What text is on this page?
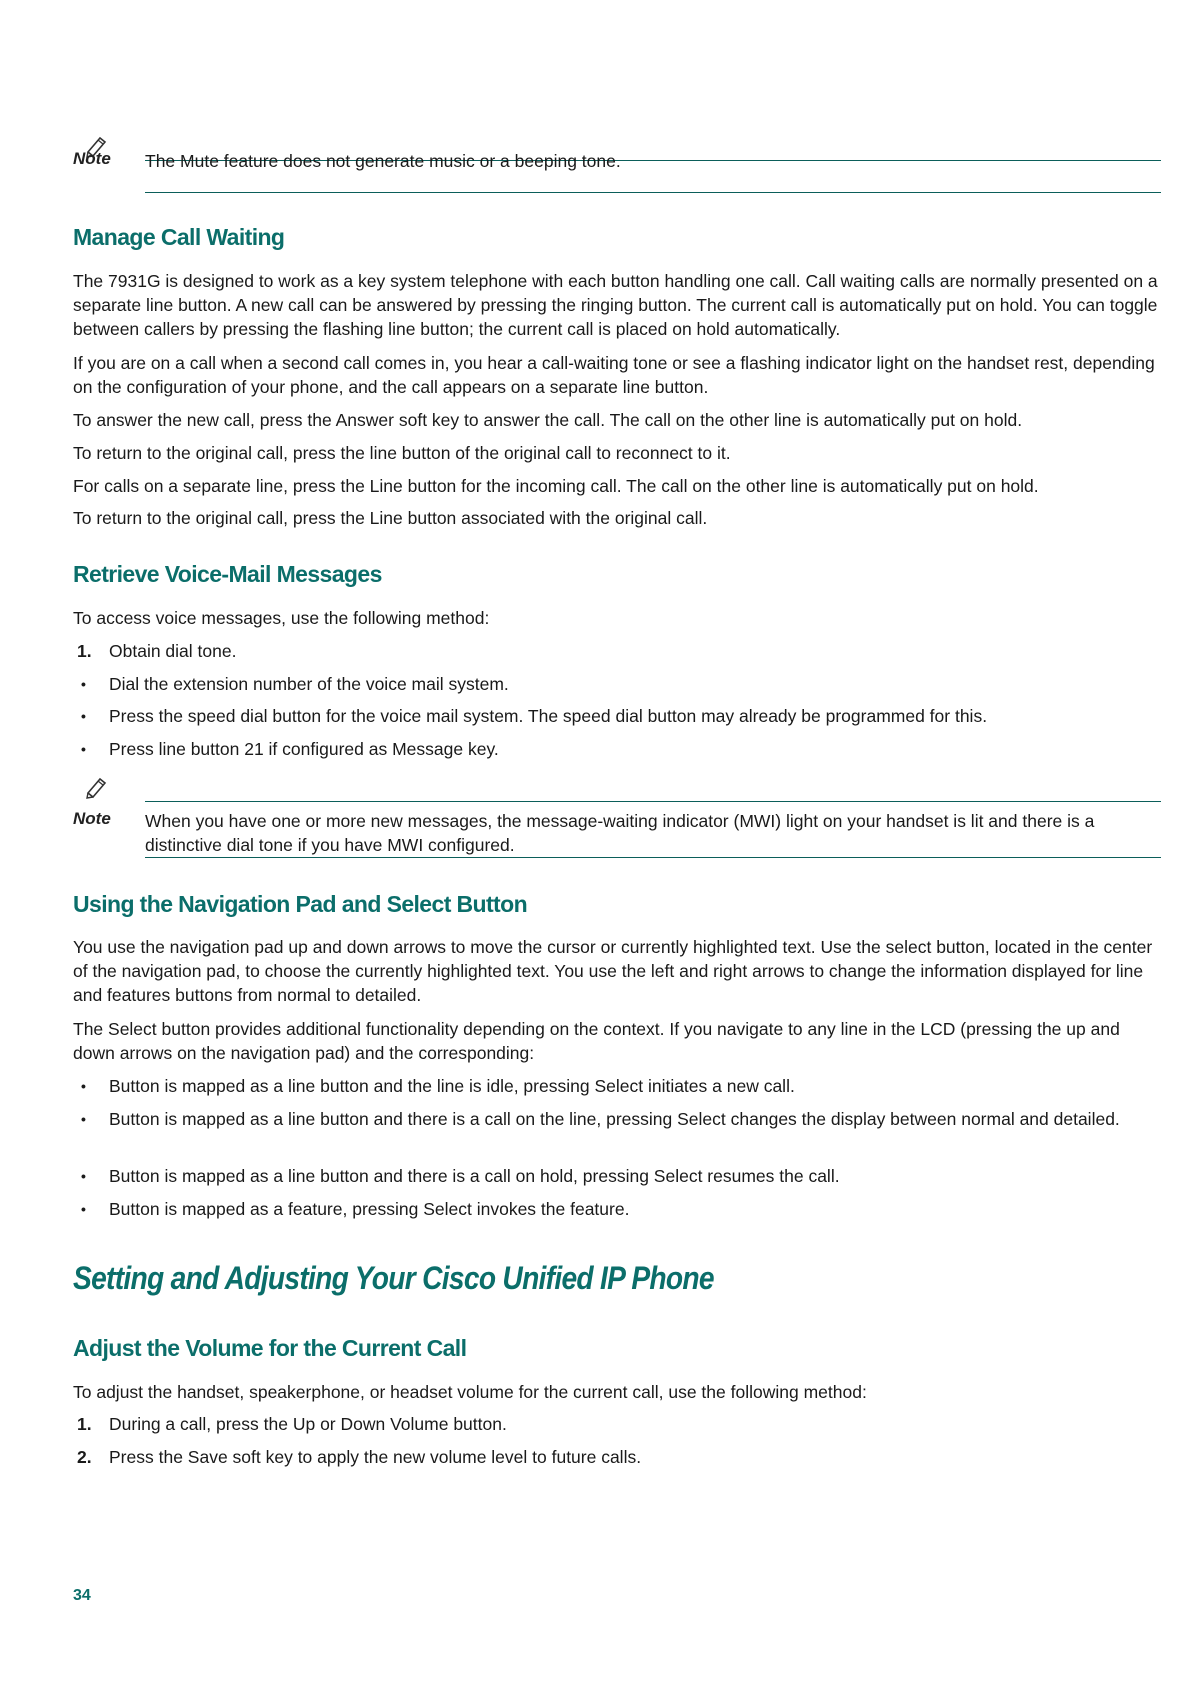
Note The Mute feature does not generate music or a beeping tone.
Manage Call Waiting

The 7931G is designed to work as a key system telephone with each button handling one call. Call waiting calls are normally presented on a separate line button. A new call can be answered by pressing the ringing button. The current call is automatically put on hold. You can toggle between callers by pressing the flashing line button; the current call is placed on hold automatically.

If you are on a call when a second call comes in, you hear a call-waiting tone or see a flashing indicator light on the handset rest, depending on the configuration of your phone, and the call appears on a separate line button.

To answer the new call, press the Answer soft key to answer the call. The call on the other line is automatically put on hold.

To return to the original call, press the line button of the original call to reconnect to it.

For calls on a separate line, press the Line button for the incoming call. The call on the other line is automatically put on hold.

To return to the original call, press the Line button associated with the original call.

Retrieve Voice-Mail Messages

To access voice messages, use the following method:

1. Obtain dial tone.
• Dial the extension number of the voice mail system.
• Press the speed dial button for the voice mail system. The speed dial button may already be programmed for this.
• Press line button 21 if configured as Message key.
Note When you have one or more new messages, the message-waiting indicator (MWI) light on your handset is lit and there is a distinctive dial tone if you have MWI configured.
Using the Navigation Pad and Select Button

You use the navigation pad up and down arrows to move the cursor or currently highlighted text. Use the select button, located in the center of the navigation pad, to choose the currently highlighted text. You use the left and right arrows to change the information displayed for line and features buttons from normal to detailed.

The Select button provides additional functionality depending on the context. If you navigate to any line in the LCD (pressing the up and down arrows on the navigation pad) and the corresponding:

• Button is mapped as a line button and the line is idle, pressing Select initiates a new call.
• Button is mapped as a line button and there is a call on the line, pressing Select changes the display between normal and detailed.
• Button is mapped as a line button and there is a call on hold, pressing Select resumes the call.
• Button is mapped as a feature, pressing Select invokes the feature.
Setting and Adjusting Your Cisco Unified IP Phone
Adjust the Volume for the Current Call

To adjust the handset, speakerphone, or headset volume for the current call, use the following method:

1. During a call, press the Up or Down Volume button.
2. Press the Save soft key to apply the new volume level to future calls.
34
